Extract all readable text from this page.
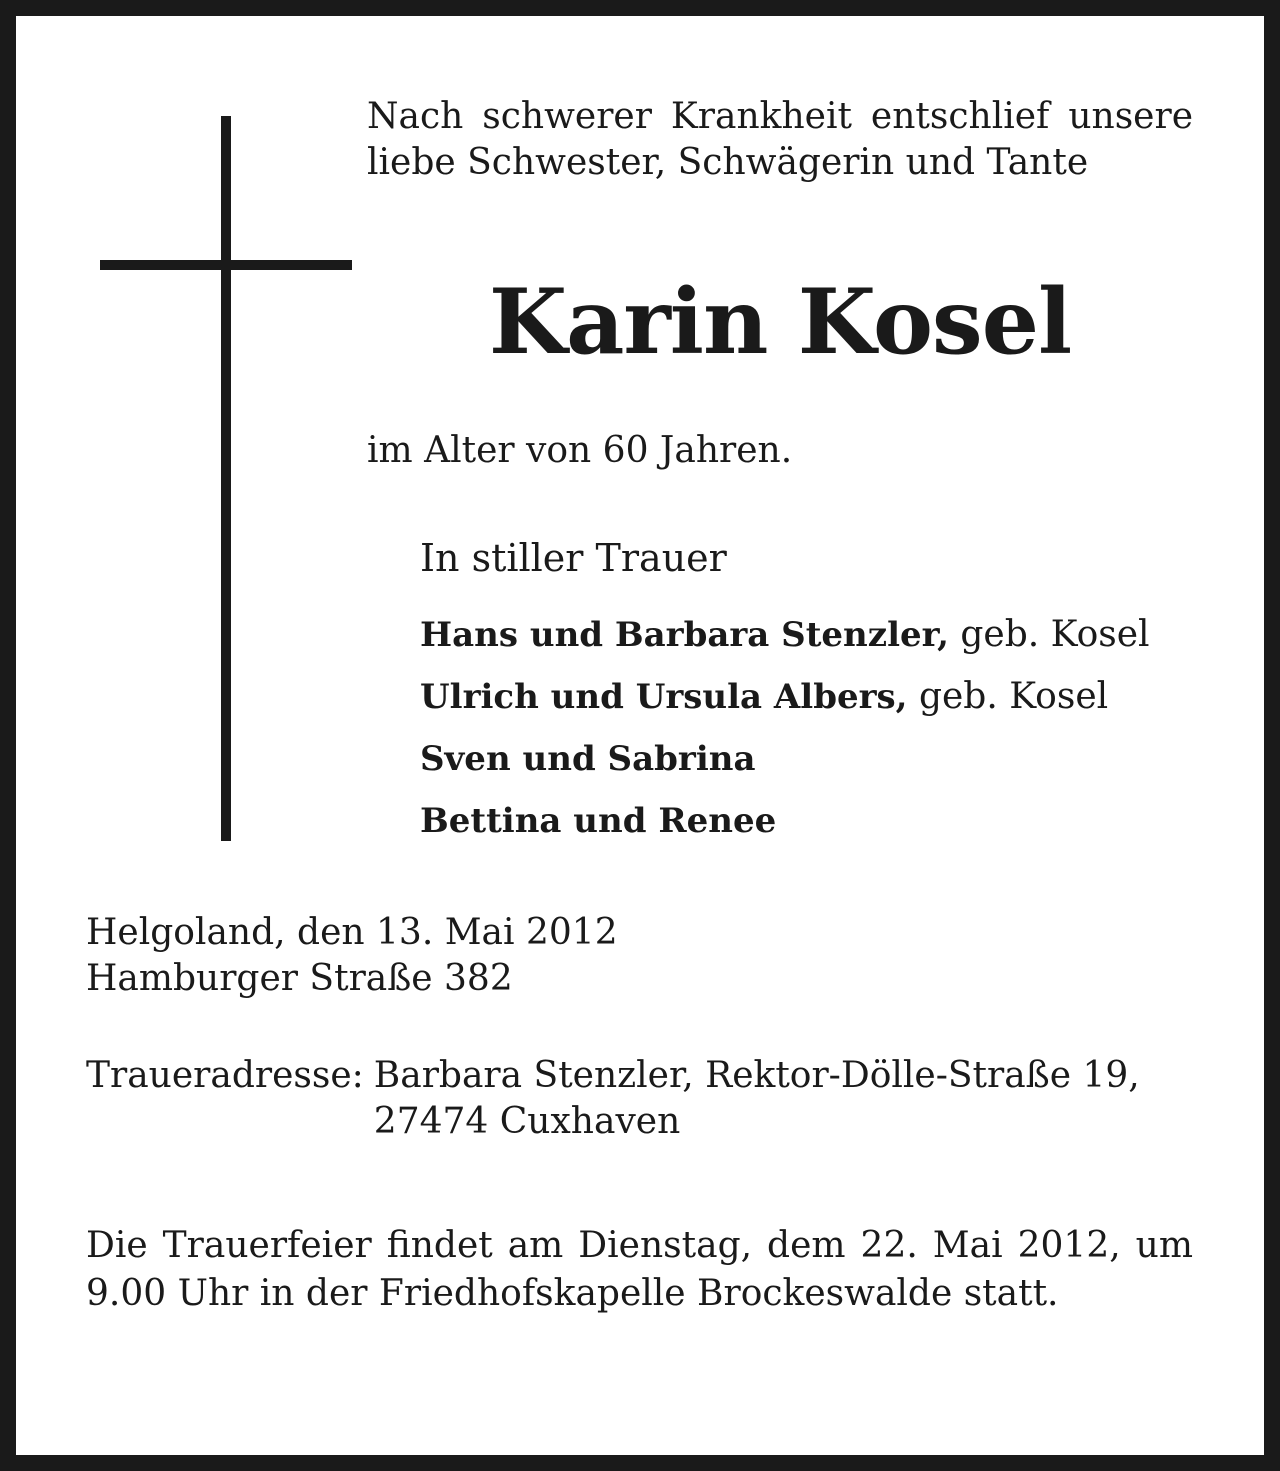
Nach schwerer Krankheit entschlief unsere liebe Schwester, Schwägerin und Tante

Karin Kosel

im Alter von 60 Jahren.

In stiller Trauer

Hans und Barbara Stenzler, geb. Kosel
Ulrich und Ursula Albers, geb. Kosel
Sven und Sabrina
Bettina und Renee
Helgoland, den 13. Mai 2012
Hamburger Straße 382
Traueradresse: Barbara Stenzler, Rektor-Dölle-Straße 19,
27474 Cuxhaven

Die Trauerfeier findet am Dienstag, dem 22. Mai 2012, um 9.00 Uhr in der Friedhofskapelle Brockeswalde statt.
